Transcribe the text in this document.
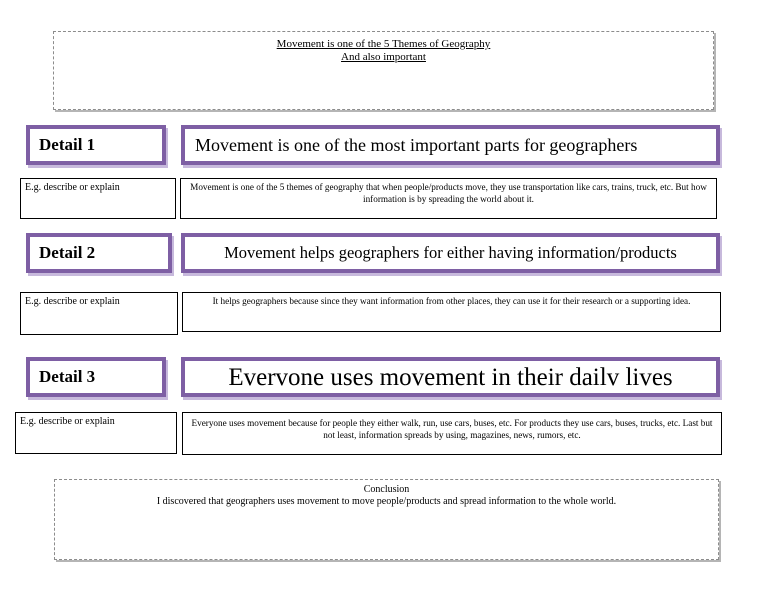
Movement is one of the 5 Themes of Geography
And also important
Detail 1	Movement is one of the most important parts for geographers
E.g. describe or explain	Movement is one of the 5 themes of geography that when people/products move, they use transportation like cars, trains, truck, etc. But how information is by spreading the world about it.
Detail 2	Movement helps geographers for either having information/products
E.g. describe or explain	It helps geographers because since they want information from other places, they can use it for their research or a supporting idea.
Detail 3	Evervone uses movement in their dailv lives
E.g. describe or explain	Everyone uses movement because for people they either walk, run, use cars, buses, etc. For products they use cars, buses, trucks, etc. Last but not least, information spreads by using, magazines, news, rumors, etc.
Conclusion
I discovered that geographers uses movement to move people/products and spread information to the whole world.
